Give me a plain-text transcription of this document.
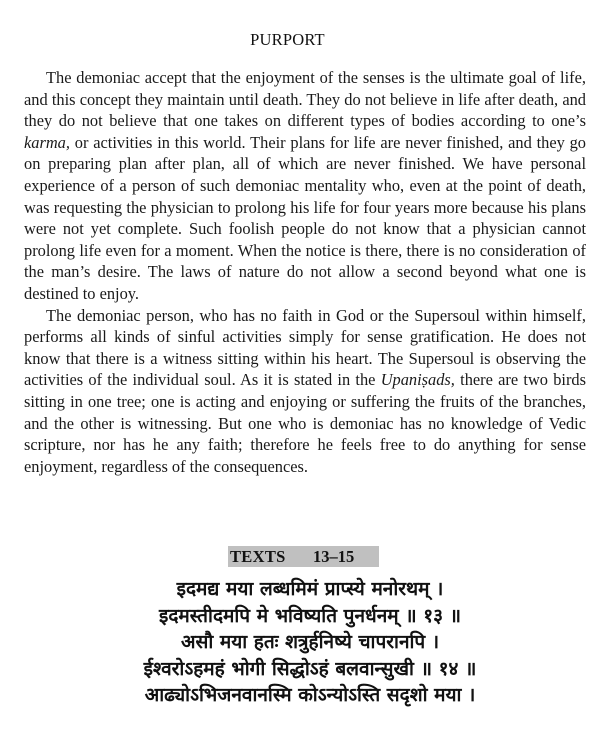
PURPORT

The demoniac accept that the enjoyment of the senses is the ultimate goal of life, and this concept they maintain until death. They do not believe in life after death, and they do not believe that one takes on different types of bodies according to one’s karma, or activities in this world. Their plans for life are never finished, and they go on preparing plan after plan, all of which are never finished. We have personal experience of a person of such demoniac mentality who, even at the point of death, was requesting the physician to prolong his life for four years more because his plans were not yet complete. Such foolish people do not know that a physician cannot prolong life even for a moment. When the notice is there, there is no consideration of the man’s desire. The laws of nature do not allow a second beyond what one is destined to enjoy.

The demoniac person, who has no faith in God or the Supersoul within himself, performs all kinds of sinful activities simply for sense gratification. He does not know that there is a witness sitting within his heart. The Supersoul is observing the activities of the individual soul. As it is stated in the Upaniṣads, there are two birds sitting in one tree; one is acting and enjoying or suffering the fruits of the branches, and the other is witnessing. But one who is demoniac has no knowledge of Vedic scripture, nor has he any faith; therefore he feels free to do anything for sense enjoyment, regardless of the consequences.

TEXTS 13–15
इदमद्य मया लब्धमिमं प्राप्स्ये मनोरथम् ।
इदमस्तीदमपि मे भविष्यति पुनर्धनम् ॥ १३ ॥
असौ मया हतः शत्रुर्हनिष्ये चापरानपि ।
ईश्वरोऽहमहं भोगी सिद्धोऽहं बलवान्सुखी ॥ १४ ॥
आढ्योऽभिजनवानस्मि कोऽन्योऽस्ति सदृशो मया ।
